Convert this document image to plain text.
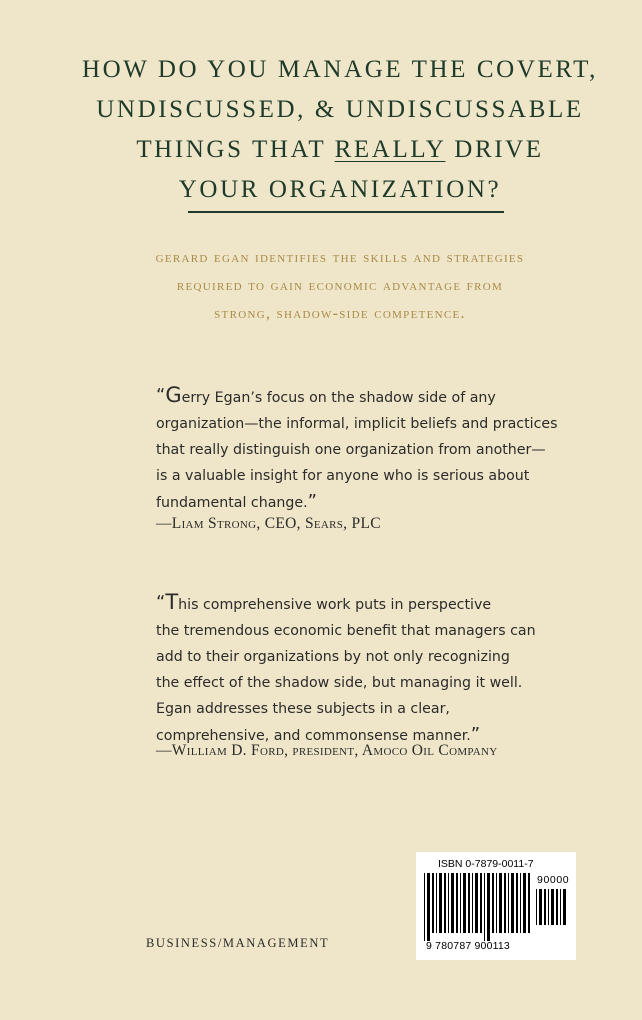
HOW DO YOU MANAGE THE COVERT,
UNDISCUSSED, & UNDISCUSSABLE
THINGS THAT REALLY DRIVE
YOUR ORGANIZATION?
gerard egan identifies the skills and strategies
required to gain economic advantage from
strong, shadow-side competence.
“Gerry Egan’s focus on the shadow side of any
organization—the informal, implicit beliefs and practices
that really distinguish one organization from another—
is a valuable insight for anyone who is serious about
fundamental change.”
—Liam Strong, CEO, Sears, PLC
“This comprehensive work puts in perspective
the tremendous economic benefit that managers can
add to their organizations by not only recognizing
the effect of the shadow side, but managing it well.
Egan addresses these subjects in a clear,
comprehensive, and commonsense manner.”
—William D. Ford, president, Amoco Oil Company
BUSINESS/MANAGEMENT
ISBN 0-7879-0011-7
90000
9 780787 900113
